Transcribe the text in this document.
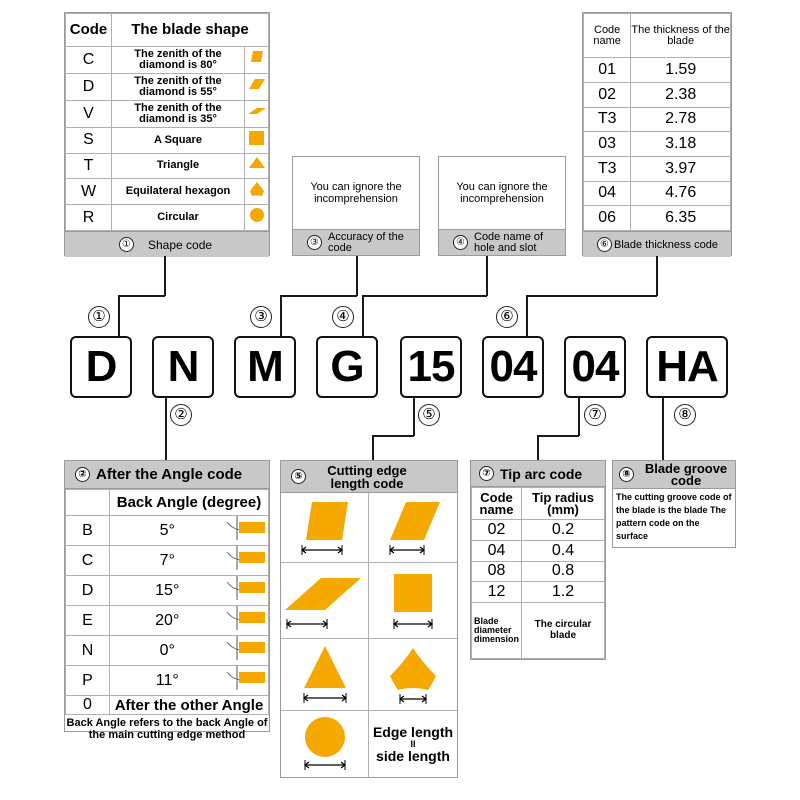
Code	The blade shape	
C	The zenith of the diamond is 80°	
D	The zenith of the diamond is 55°	
V	The zenith of the diamond is 35°	
S	A Square	
T	Triangle	
W	Equilateral hexagon	
R	Circular	
① Shape code
You can ignore the incomprehension
③ Accuracy of the code
You can ignore the incomprehension
④ Code name of hole and slot
Code name	The thickness of the blade
01	1.59
02	2.38
T3	2.78
03	3.18
T3	3.97
04	4.76
06	6.35
⑥ Blade thickness code
①	③	④	⑥
D	N	M	G 15 04 04 HA
②	⑤	⑦	⑧
② After the Angle code
	Back Angle (degree)	
B	5°	
C	7°	
D	15°	
E	20°	
N	0°	
P	11°	
0	After the other Angle	
Back Angle refers to the back Angle of the main cutting edge method
⑤	Cutting edge length code
Edge length
II
side length
⑦ Tip arc code
Code name	Tip radius (mm)
02	0.2
04	0.4
08	0.8
12	1.2
Blade diameter dimension	The circular blade
⑧	Blade groove code
The cutting groove code of the blade is the blade The pattern code on the surface
